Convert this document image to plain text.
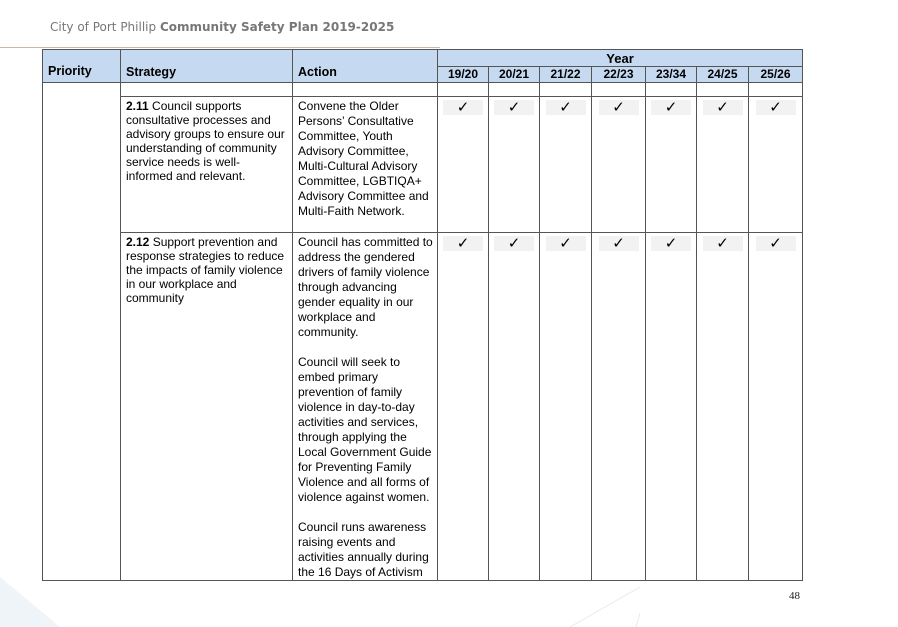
City of Port Phillip Community Safety Plan 2019-2025
Priority	Strategy	Action	Year						
			19/20	20/21	21/22	22/23	23/34	24/25	25/26

	2.11 Council supports consultative processes and advisory groups to ensure our understanding of community service needs is well- informed and relevant.	Convene the Older Persons’ Consultative Committee, Youth Advisory Committee, Multi-Cultural Advisory Committee, LGBTIQA+ Advisory Committee and Multi-Faith Network.	✓	✓	✓	✓	✓	✓	✓

	2.12 Support prevention and response strategies to reduce the impacts of family violence in our workplace and community	Council has committed to address the gendered drivers of family violence through advancing gender equality in our workplace and community.
Council will seek to embed primary prevention of family violence in day-to-day activities and services, through applying the Local Government Guide for Preventing Family Violence and all forms of violence against women.
Council runs awareness raising events and activities annually during the 16 Days of Activism	✓	✓	✓	✓	✓	✓	✓
48
